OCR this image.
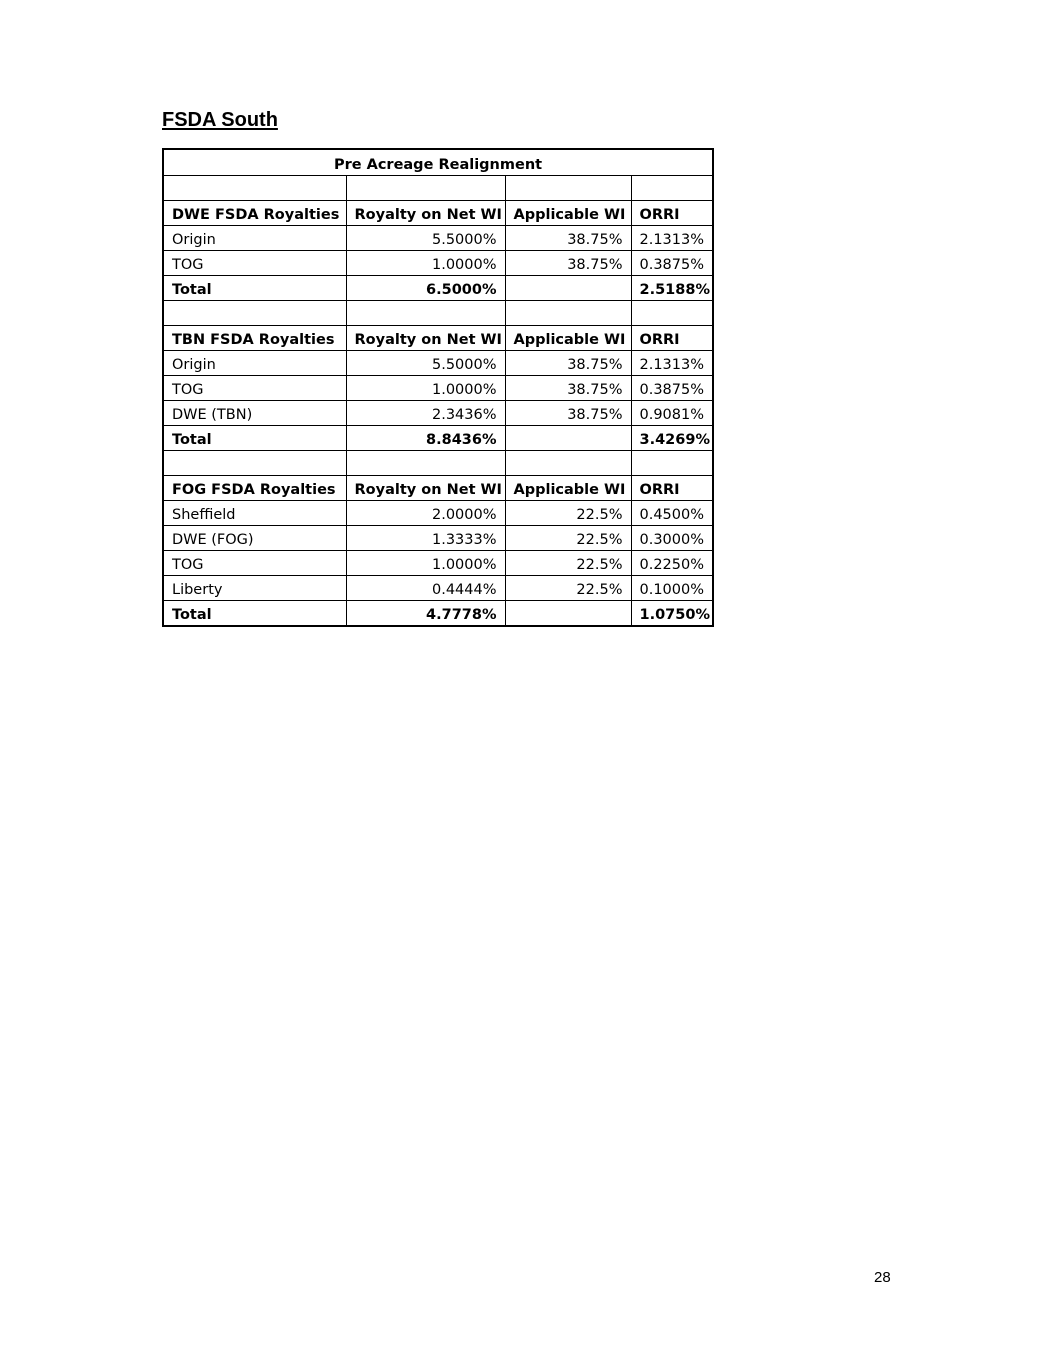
FSDA South
Pre Acreage Realignment			

DWE FSDA Royalties	Royalty on Net WI	Applicable WI	ORRI
Origin	5.5000%	38.75%	2.1313%
TOG	1.0000%	38.75%	0.3875%
Total	6.5000%		2.5188%

TBN FSDA Royalties	Royalty on Net WI	Applicable WI	ORRI
Origin	5.5000%	38.75%	2.1313%
TOG	1.0000%	38.75%	0.3875%
DWE (TBN)	2.3436%	38.75%	0.9081%
Total	8.8436%		3.4269%

FOG FSDA Royalties	Royalty on Net WI	Applicable WI	ORRI
Sheffield	2.0000%	22.5%	0.4500%
DWE (FOG)	1.3333%	22.5%	0.3000%
TOG	1.0000%	22.5%	0.2250%
Liberty	0.4444%	22.5%	0.1000%
Total	4.7778%		1.0750%
28
